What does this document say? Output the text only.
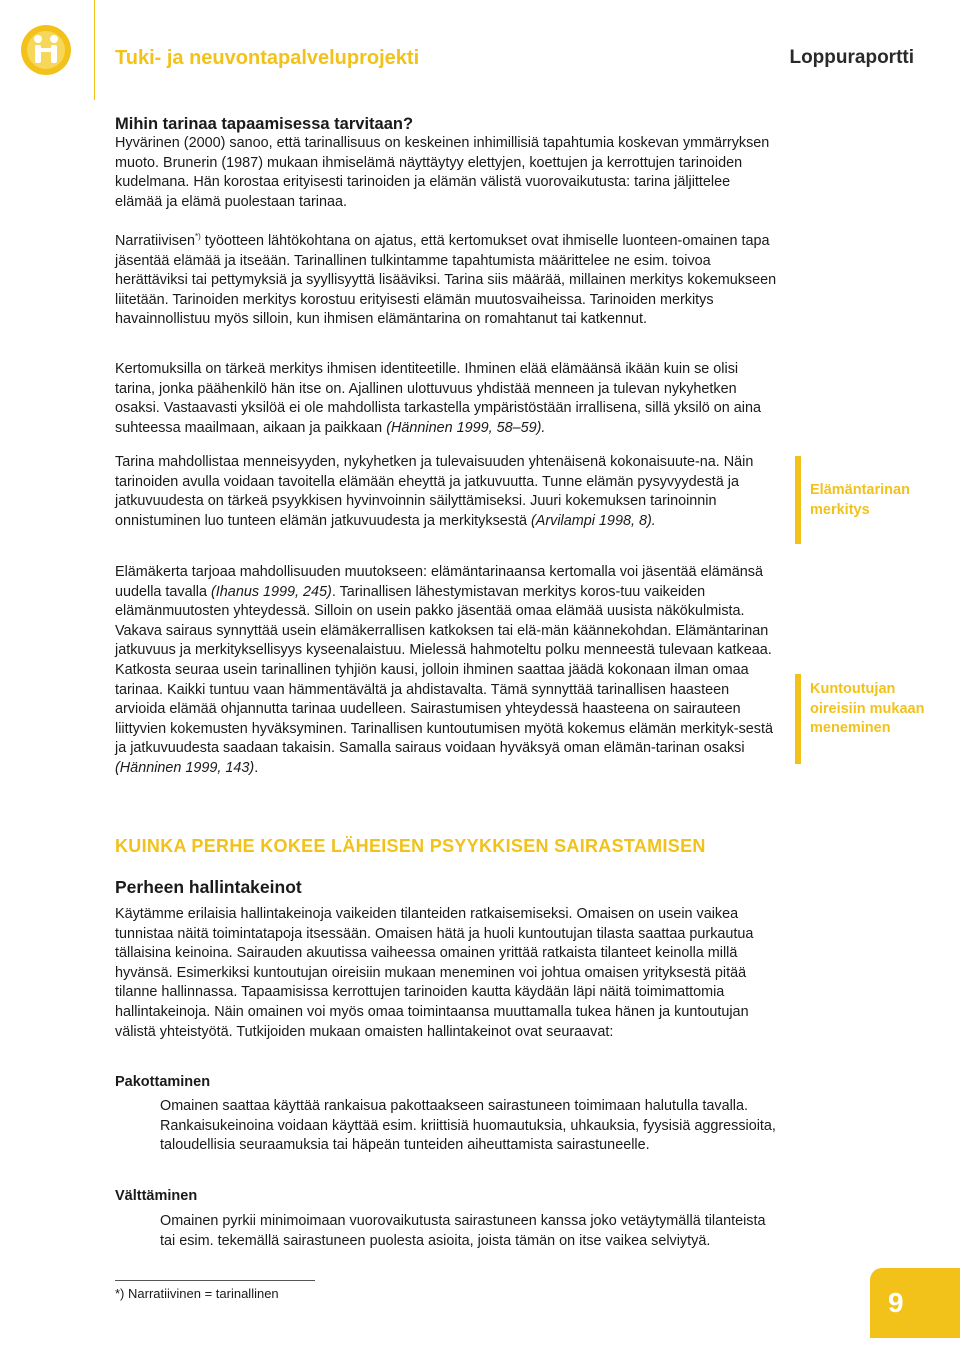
Tuki- ja neuvontapalveluprojekti	Loppuraportti

Mihin tarinaa tapaamisessa tarvitaan?

Hyvärinen (2000) sanoo, että tarinallisuus on keskeinen inhimillisiä tapahtumia koskevan ymmärryksen muoto. Brunerin (1987) mukaan ihmiselämä näyttäytyy elettyjen, koettujen ja kerrottujen tarinoiden kudelmana. Hän korostaa erityisesti tarinoiden ja elämän välistä vuorovaikutusta: tarina jäljittelee elämää ja elämä puolestaan tarinaa.

Narratiivisen*) työotteen lähtökohtana on ajatus, että kertomukset ovat ihmiselle luonteen-omainen tapa jäsentää elämää ja itseään. Tarinallinen tulkintamme tapahtumista määrittelee ne esim. toivoa herättäviksi tai pettymyksiä ja syyllisyyttä lisääviksi. Tarina siis määrää, millainen merkitys kokemukseen liitetään. Tarinoiden merkitys korostuu erityisesti elämän muutosvaiheissa. Tarinoiden merkitys havainnollistuu myös silloin, kun ihmisen elämäntarina on romahtanut tai katkennut.

Kertomuksilla on tärkeä merkitys ihmisen identiteetille. Ihminen elää elämäänsä ikään kuin se olisi tarina, jonka päähenkilö hän itse on. Ajallinen ulottuvuus yhdistää menneen ja tulevan nykyhetken osaksi. Vastaavasti yksilöä ei ole mahdollista tarkastella ympäristöstään irrallisena, sillä yksilö on aina suhteessa maailmaan, aikaan ja paikkaan (Hänninen 1999, 58–59).

Tarina mahdollistaa menneisyyden, nykyhetken ja tulevaisuuden yhtenäisenä kokonaisuute-na. Näin tarinoiden avulla voidaan tavoitella elämään eheyttä ja jatkuvuutta. Tunne elämän pysyvyydestä ja jatkuvuudesta on tärkeä psyykkisen hyvinvoinnin säilyttämiseksi. Juuri kokemuksen tarinoinnin onnistuminen luo tunteen elämän jatkuvuudesta ja merkityksestä (Arvilampi 1998, 8).

Elämäkerta tarjoaa mahdollisuuden muutokseen: elämäntarinaansa kertomalla voi jäsentää elämänsä uudella tavalla (Ihanus 1999, 245). Tarinallisen lähestymistavan merkitys koros-tuu vaikeiden elämänmuutosten yhteydessä. Silloin on usein pakko jäsentää omaa elämää uusista näkökulmista. Vakava sairaus synnyttää usein elämäkerrallisen katkoksen tai elä-män käännekohdan. Elämäntarinan jatkuvuus ja merkityksellisyys kyseenalaistuu. Mielessä hahmoteltu polku menneestä tulevaan katkeaa. Katkosta seuraa usein tarinallinen tyhjiön kausi, jolloin ihminen saattaa jäädä kokonaan ilman omaa tarinaa. Kaikki tuntuu vaan hämmentävältä ja ahdistavalta. Tämä synnyttää tarinallisen haasteen arvioida elämää ohjannutta tarinaa uudelleen. Sairastumisen yhteydessä haasteena on sairauteen liittyvien kokemusten hyväksyminen. Tarinallisen kuntoutumisen myötä kokemus elämän merkityk-sestä ja jatkuvuudesta saadaan takaisin. Samalla sairaus voidaan hyväksyä oman elämän-tarinan osaksi (Hänninen 1999, 143).

Elämäntarinan merkitys
Kuntoutujan oireisiin mukaan meneminen
KUINKA PERHE KOKEE LÄHEISEN PSYYKKISEN SAIRASTAMISEN
Perheen hallintakeinot

Käytämme erilaisia hallintakeinoja vaikeiden tilanteiden ratkaisemiseksi. Omaisen on usein vaikea tunnistaa näitä toimintatapoja itsessään. Omaisen hätä ja huoli kuntoutujan tilasta saattaa purkautua tällaisina keinoina. Sairauden akuutissa vaiheessa omainen yrittää ratkaista tilanteet keinolla millä hyvänsä. Esimerkiksi kuntoutujan oireisiin mukaan meneminen voi johtua omaisen yrityksestä pitää tilanne hallinnassa. Tapaamisissa kerrottujen tarinoiden kautta käydään läpi näitä toimimattomia hallintakeinoja. Näin omainen voi myös omaa toimintaansa muuttamalla tukea hänen ja kuntoutujan välistä yhteistyötä. Tutkijoiden mukaan omaisten hallintakeinot ovat seuraavat:

Pakottaminen
Omainen saattaa käyttää rankaisua pakottaakseen sairastuneen toimimaan halutulla tavalla. Rankaisukeinoina voidaan käyttää esim. kriittisiä huomautuksia, uhkauksia, fyysisiä aggressioita, taloudellisia seuraamuksia tai häpeän tunteiden aiheuttamista sairastuneelle.
Välttäminen
Omainen pyrkii minimoimaan vuorovaikutusta sairastuneen kanssa joko vetäytymällä tilanteista tai esim. tekemällä sairastuneen puolesta asioita, joista tämän on itse vaikea selviytyä.
*) Narratiivinen = tarinallinen	9
